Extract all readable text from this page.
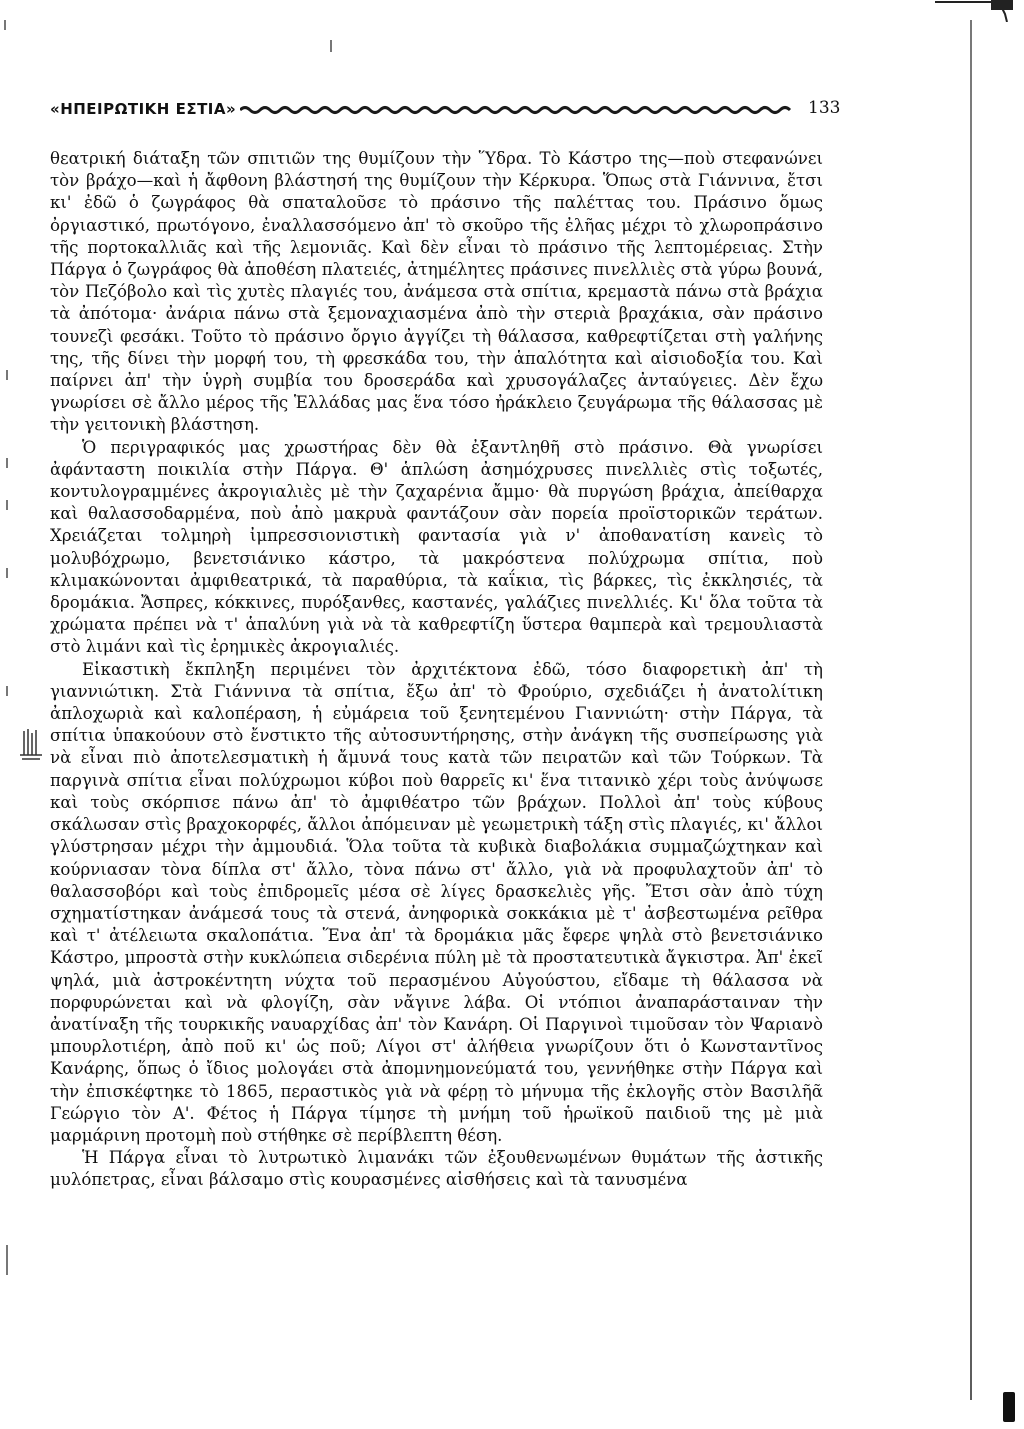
«ΗΠΕΙΡΩΤΙΚΗ ΕΣΤΙΑ»	133

θεατρική διάταξη τῶν σπιτιῶν της θυμίζουν τὴν Ὕδρα. Τὸ Κάστρο της—ποὺ στεφανώνει τὸν βράχο—καὶ ἡ ἄφθονη βλάστησή της θυμίζουν τὴν Κέρκυρα. Ὅπως στὰ Γιάννινα, ἔτσι κι' ἐδῶ ὁ ζωγράφος θὰ σπαταλοῦσε τὸ πράσινο τῆς παλέττας του. Πράσινο ὅμως ὀργιαστικό, πρωτόγονο, ἐναλλασσόμενο ἀπ' τὸ σκοῦρο τῆς ἐλῆας μέχρι τὸ χλωροπράσινο τῆς πορτοκαλλιᾶς καὶ τῆς λεμονιᾶς. Καὶ δὲν εἶναι τὸ πράσινο τῆς λεπτομέρειας. Στὴν Πάργα ὁ ζωγράφος θὰ ἀποθέση πλατειές, ἀτημέλητες πράσινες πινελλιὲς στὰ γύρω βουνά, τὸν Πεζόβολο καὶ τὶς χυτὲς πλαγιές του, ἀνάμεσα στὰ σπίτια, κρεμαστὰ πάνω στὰ βράχια τὰ ἀπότομα· ἀνάρια πάνω στὰ ξεμοναχιασμένα ἀπὸ τὴν στεριὰ βραχάκια, σὰν πράσινο τουνεζὶ φεσάκι. Τοῦτο τὸ πράσινο ὄργιο ἀγγίζει τὴ θάλασσα, καθρεφτίζεται στὴ γαλήνης της, τῆς δίνει τὴν μορφή του, τὴ φρεσκάδα του, τὴν ἁπαλότητα καὶ αἰσιοδοξία του. Καὶ παίρνει ἀπ' τὴν ὑγρὴ συμβία του δροσεράδα καὶ χρυσογάλαζες ἀνταύγειες. Δὲν ἔχω γνωρίσει σὲ ἄλλο μέρος τῆς Ἑλλάδας μας ἕνα τόσο ἠράκλειο ζευγάρωμα τῆς θάλασσας μὲ τὴν γειτονικὴ βλάστηση.

Ὁ περιγραφικός μας χρωστήρας δὲν θὰ ἐξαντληθῆ στὸ πράσινο. Θὰ γνωρίσει ἀφάνταστη ποικιλία στὴν Πάργα. Θ' ἁπλώση ἀσημόχρυσες πινελλιὲς στὶς τοξωτές, κοντυλογραμμένες ἀκρογιαλιὲς μὲ τὴν ζαχαρένια ἄμμο· θὰ πυργώση βράχια, ἀπείθαρχα καὶ θαλασσοδαρμένα, ποὺ ἀπὸ μακρυὰ φαντάζουν σὰν πορεία προϊστορικῶν τεράτων. Χρειάζεται τολμηρὴ ἰμπρεσσιονιστικὴ φαντασία γιὰ ν' ἀποθανατίση κανεὶς τὸ μολυβόχρωμο, βενετσιάνικο κάστρο, τὰ μακρόστενα πολύχρωμα σπίτια, ποὺ κλιμακώνονται ἀμφιθεατρικά, τὰ παραθύρια, τὰ καΐκια, τὶς βάρκες, τὶς ἐκκλησιές, τὰ δρομάκια. Ἄσπρες, κόκκινες, πυρόξανθες, καστανές, γαλάζιες πινελλιές. Κι' ὅλα τοῦτα τὰ χρώματα πρέπει νὰ τ' ἁπαλύνη γιὰ νὰ τὰ καθρεφτίζη ὕστερα θαμπερὰ καὶ τρεμουλιαστὰ στὸ λιμάνι καὶ τὶς ἐρημικὲς ἀκρογιαλιές.

Εἰκαστικὴ ἔκπληξη περιμένει τὸν ἀρχιτέκτονα ἐδῶ, τόσο διαφορετικὴ ἀπ' τὴ γιαννιώτικη. Στὰ Γιάννινα τὰ σπίτια, ἔξω ἀπ' τὸ Φρούριο, σχεδιάζει ἡ ἀνατολίτικη ἀπλοχωριὰ καὶ καλοπέραση, ἡ εὐμάρεια τοῦ ξενητεμένου Γιαννιώτη· στὴν Πάργα, τὰ σπίτια ὑπακούουν στὸ ἔνστικτο τῆς αὐτοσυντήρησης, στὴν ἀνάγκη τῆς συσπείρωσης γιὰ νὰ εἶναι πιὸ ἀποτελεσματικὴ ἡ ἄμυνά τους κατὰ τῶν πειρατῶν καὶ τῶν Τούρκων. Τὰ παργινὰ σπίτια εἶναι πολύχρωμοι κύβοι ποὺ θαρρεῖς κι' ἕνα τιτανικὸ χέρι τοὺς ἀνύψωσε καὶ τοὺς σκόρπισε πάνω ἀπ' τὸ ἀμφιθέατρο τῶν βράχων. Πολλοὶ ἀπ' τοὺς κύβους σκάλωσαν στὶς βραχοκορφές, ἄλλοι ἀπόμειναν μὲ γεωμετρικὴ τάξη στὶς πλαγιές, κι' ἄλλοι γλύστρησαν μέχρι τὴν ἀμμουδιά. Ὅλα τοῦτα τὰ κυβικὰ διαβολάκια συμμαζώχτηκαν καὶ κούρνιασαν τὸνα δίπλα στ' ἄλλο, τὸνα πάνω στ' ἄλλο, γιὰ νὰ προφυλαχτοῦν ἀπ' τὸ θαλασσοβόρι καὶ τοὺς ἐπιδρομεῖς μέσα σὲ λίγες δρασκελιὲς γῆς. Ἔτσι σὰν ἀπὸ τύχη σχηματίστηκαν ἀνάμεσά τους τὰ στενά, ἀνηφορικὰ σοκκάκια μὲ τ' ἀσβεστωμένα ρεῖθρα καὶ τ' ἀτέλειωτα σκαλοπάτια. Ἕνα ἀπ' τὰ δρομάκια μᾶς ἔφερε ψηλὰ στὸ βενετσιάνικο Κάστρο, μπροστὰ στὴν κυκλώπεια σιδερένια πύλη μὲ τὰ προστατευτικὰ ἄγκιστρα. Ἀπ' ἐκεῖ ψηλά, μιὰ ἀστροκέντητη νύχτα τοῦ περασμένου Αὐγούστου, εἴδαμε τὴ θάλασσα νὰ πορφυρώνεται καὶ νὰ φλογίζη, σὰν νἄγινε λάβα. Οἱ ντόπιοι ἀναπαράσταιναν τὴν ἀνατίναξη τῆς τουρκικῆς ναυαρχίδας ἀπ' τὸν Κανάρη. Οἱ Παργινοὶ τιμοῦσαν τὸν Ψαριανὸ μπουρλοτιέρη, ἀπὸ ποῦ κι' ὡς ποῦ; Λίγοι στ' ἀλήθεια γνωρίζουν ὅτι ὁ Κωνσταντῖνος Κανάρης, ὅπως ὁ ἴδιος μολογάει στὰ ἀπομνημονεύματά του, γεννήθηκε στὴν Πάργα καὶ τὴν ἐπισκέφτηκε τὸ 1865, περαστικὸς γιὰ νὰ φέρῃ τὸ μήνυμα τῆς ἐκλογῆς στὸν Βασιλῆᾶ Γεώργιο τὸν Α'. Φέτος ἡ Πάργα τίμησε τὴ μνήμη τοῦ ἡρωϊκοῦ παιδιοῦ της μὲ μιὰ μαρμάρινη προτομὴ ποὺ στήθηκε σὲ περίβλεπτη θέση.

Ἡ Πάργα εἶναι τὸ λυτρωτικὸ λιμανάκι τῶν ἐξουθενωμένων θυμάτων τῆς ἀστικῆς μυλόπετρας, εἶναι βάλσαμο στὶς κουρασμένες αἰσθήσεις καὶ τὰ τανυσμένα
